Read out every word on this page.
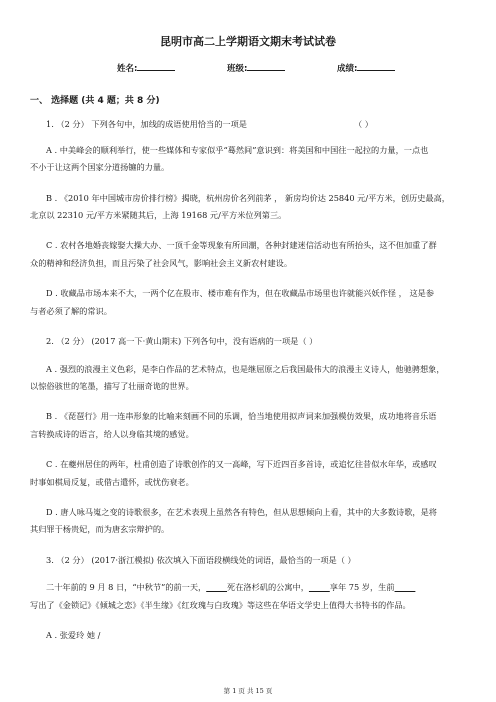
昆明市高二上学期语文期末考试试卷
姓名:	班级:	成绩:
一、 选择题 (共 4 题；共 8 分)
1. （2 分） 下列各句中，加线的成语使用恰当的一项是	（ ）
A . 中美峰会的顺利举行，使一些媒体和专家似乎“蓦然间”意识到：将美国和中国往一起拉的力量，一点也
不小于让这两个国家分道扬镳的力量。
B . 《2010 年中国城市房价排行榜》揭晓，杭州房价名列前茅 ， 新房均价达 25840 元/平方米，创历史最高，
北京以 22310 元/平方米紧随其后，上海 19168 元/平方米位列第三。
C . 农村各地婚丧嫁娶大操大办、一顶千金等现象有所回潮，各种封建迷信活动也有所抬头，这不但加重了群
众的精神和经济负担，而且污染了社会风气，影响社会主义新农村建设。
D . 收藏品市场本来不大，一两个亿在股市、楼市难有作为，但在收藏品市场里也许就能兴妖作怪 ， 这是参
与者必须了解的常识。
2. （2 分） (2017 高一下·黄山期末) 下列各句中，没有语病的一项是（ ）
A . 强烈的浪漫主义色彩，是李白作品的艺术特点，也是继屈原之后我国最伟大的浪漫主义诗人，他驰骋想象，
以惊俗骇世的笔墨，描写了壮丽奇诡的世界。
B . 《琵琶行》用一连串形象的比喻来刻画不同的乐调，恰当地使用拟声词来加强模仿效果，成功地将音乐语
言转换成诗的语言，给人以身临其境的感觉。
C . 在夔州居住的两年，杜甫创造了诗歌创作的又一高峰，写下近四百多首诗，或追忆往昔似水年华，或感叹
时事如棋局反复，或借古遣怀，或忧伤衰老。
D . 唐人咏马嵬之变的诗歌很多，在艺术表现上虽然各有特色，但从思想倾向上看，其中的大多数诗歌，是将
其归罪于杨贵妃，而为唐玄宗辩护的。
3. （2 分） (2017·浙江模拟) 依次填入下面语段横线处的词语，最恰当的一项是（ ）
二十年前的 9 月 8 日，“中秋节”的前一天，    	死在洛杉矶的公寓中，    	享年 75 岁，生前    
写出了《金锁记》《倾城之恋》《半生缘》《红玫瑰与白玫瑰》等这些在华语文学史上值得大书特书的作品。
A . 张爱玲 她 /
第 1 页 共 15 页
